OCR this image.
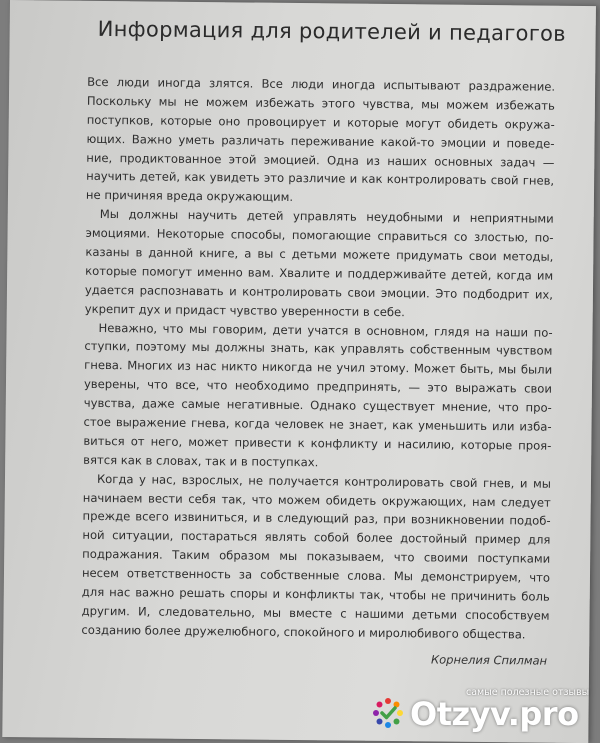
Информация для родителей и педагогов
Все люди иногда злятся. Все люди иногда испытывают раздражение.
Поскольку мы не можем избежать этого чувства, мы можем избежать
поступков, которые оно провоцирует и которые могут обидеть окружа-
ющих. Важно уметь различать переживание какой-то эмоции и поведе-
ние, продиктованное этой эмоцией. Одна из наших основных задач —
научить детей, как увидеть это различие и как контролировать свой гнев,
не причиняя вреда окружающим.
Мы должны научить детей управлять неудобными и неприятными
эмоциями. Некоторые способы, помогающие справиться со злостью, по-
казаны в данной книге, а вы с детьми можете придумать свои методы,
которые помогут именно вам. Хвалите и поддерживайте детей, когда им
удается распознавать и контролировать свои эмоции. Это подбодрит их,
укрепит дух и придаст чувство уверенности в себе.
Неважно, что мы говорим, дети учатся в основном, глядя на наши по-
ступки, поэтому мы должны знать, как управлять собственным чувством
гнева. Многих из нас никто никогда не учил этому. Может быть, мы были
уверены, что все, что необходимо предпринять, — это выражать свои
чувства, даже самые негативные. Однако существует мнение, что про-
стое выражение гнева, когда человек не знает, как уменьшить или избa-
виться от него, может привести к конфликту и насилию, которые проя-
вятся как в словах, так и в поступках.
Когда у нас, взрослых, не получается контролировать свой гнев, и мы
начинаем вести себя так, что можем обидеть окружающих, нам следует
прежде всего извиниться, и в следующий раз, при возникновении подоб-
ной ситуации, постараться являть собой более достойный пример для
подражания. Таким образом мы показываем, что своими поступками
несем ответственность за собственные слова. Мы демонстрируем, что
для нас важно решать споры и конфликты так, чтобы не причинить боль
другим. И, следовательно, мы вместе с нашими детьми способствуем
созданию более дружелюбного, спокойного и миролюбивого общества.
Корнелия Спилман
самые полезные отзывы
Otzyv.pro
